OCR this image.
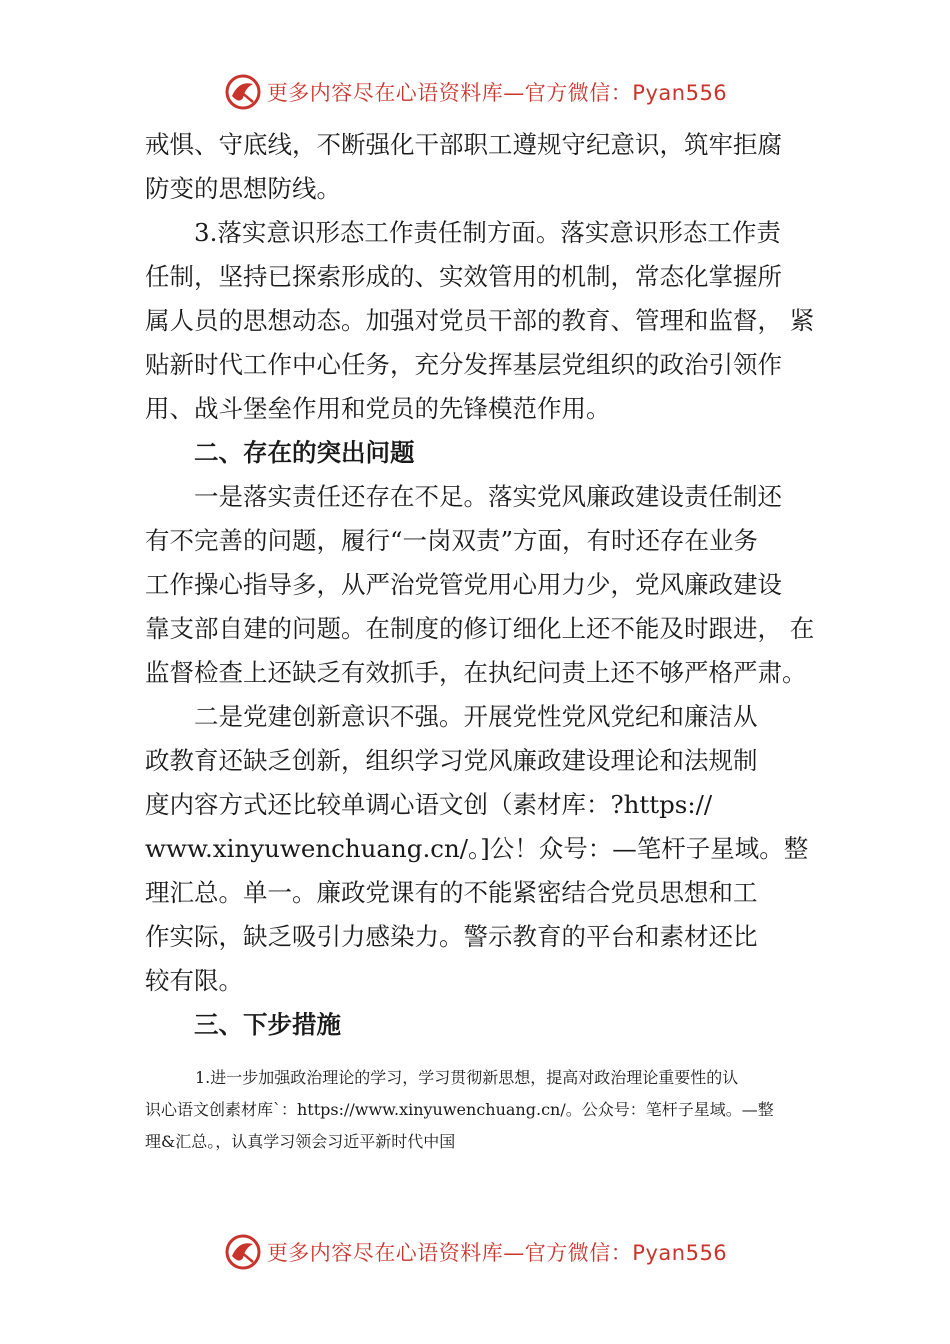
更多内容尽在心语资料库—官方微信：Pyan556

戒惧、守底线，不断强化干部职工遵规守纪意识，筑牢拒腐

防变的思想防线。

3.落实意识形态工作责任制方面。落实意识形态工作责

任制，坚持已探索形成的、实效管用的机制，常态化掌握所

属人员的思想动态。加强对党员干部的教育、管理和监督， 紧

贴新时代工作中心任务，充分发挥基层党组织的政治引领作

用、战斗堡垒作用和党员的先锋模范作用。

二、存在的突出问题

一是落实责任还存在不足。落实党风廉政建设责任制还

有不完善的问题，履行“一岗双责”方面，有时还存在业务

工作操心指导多，从严治党管党用心用力少，党风廉政建设

靠支部自建的问题。在制度的修订细化上还不能及时跟进， 在

监督检查上还缺乏有效抓手，在执纪问责上还不够严格严肃。

二是党建创新意识不强。开展党性党风党纪和廉洁从

政教育还缺乏创新，组织学习党风廉政建设理论和法规制

度内容方式还比较单调心语文创（素材库：?https://

www.xinyuwenchuang.cn/。]公！众号：—笔杆子星域。整

理汇总。单一。廉政党课有的不能紧密结合党员思想和工

作实际，缺乏吸引力感染力。警示教育的平台和素材还比

较有限。

三、下步措施

1.进一步加强政治理论的学习，学习贯彻新思想，提高对政治理论重要性的认

识心语文创素材库`：https://www.xinyuwenchuang.cn/。公众号：笔杆子星域。—整

理&汇总。，认真学习领会习近平新时代中国

更多内容尽在心语资料库—官方微信：Pyan556
